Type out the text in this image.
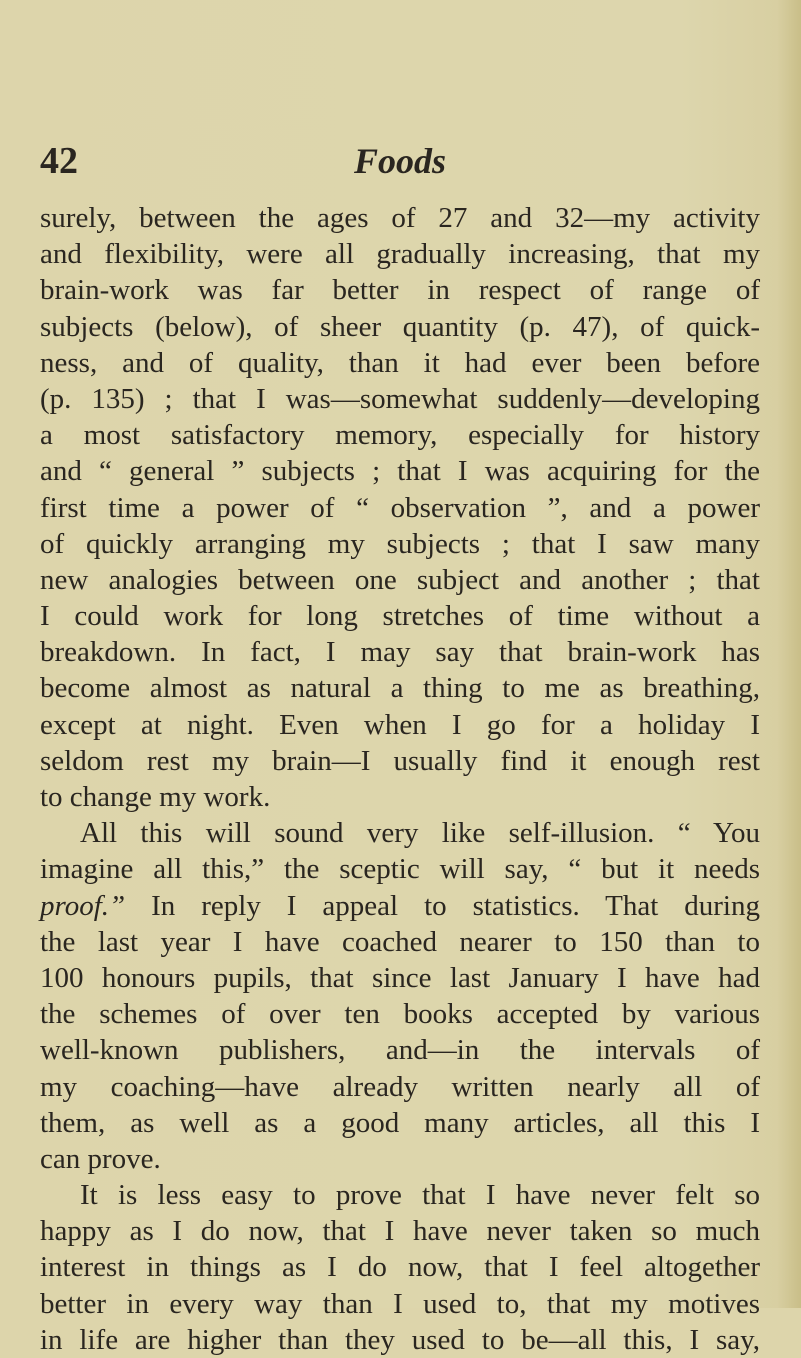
42	Foods
surely, between the ages of 27 and 32—my activity
and flexibility, were all gradually increasing, that my
brain-work was far better in respect of range of
subjects (below), of sheer quantity (p. 47), of quick-
ness, and of quality, than it had ever been before
(p. 135) ; that I was—somewhat suddenly—developing
a most satisfactory memory, especially for history
and “ general ” subjects ; that I was acquiring for the
first time a power of “ observation ”, and a power
of quickly arranging my subjects ; that I saw many
new analogies between one subject and another ; that
I could work for long stretches of time without a
breakdown. In fact, I may say that brain-work has
become almost as natural a thing to me as breathing,
except at night. Even when I go for a holiday I
seldom rest my brain—I usually find it enough rest
to change my work.
All this will sound very like self-illusion. “ You
imagine all this,” the sceptic will say, “ but it needs
proof.” In reply I appeal to statistics. That during
the last year I have coached nearer to 150 than to
100 honours pupils, that since last January I have had
the schemes of over ten books accepted by various
well-known publishers, and—in the intervals of
my coaching—have already written nearly all of
them, as well as a good many articles, all this I
can prove.
It is less easy to prove that I have never felt so
happy as I do now, that I have never taken so much
interest in things as I do now, that I feel altogether
better in every way than I used to, that my motives
in life are higher than they used to be—all this, I say,
